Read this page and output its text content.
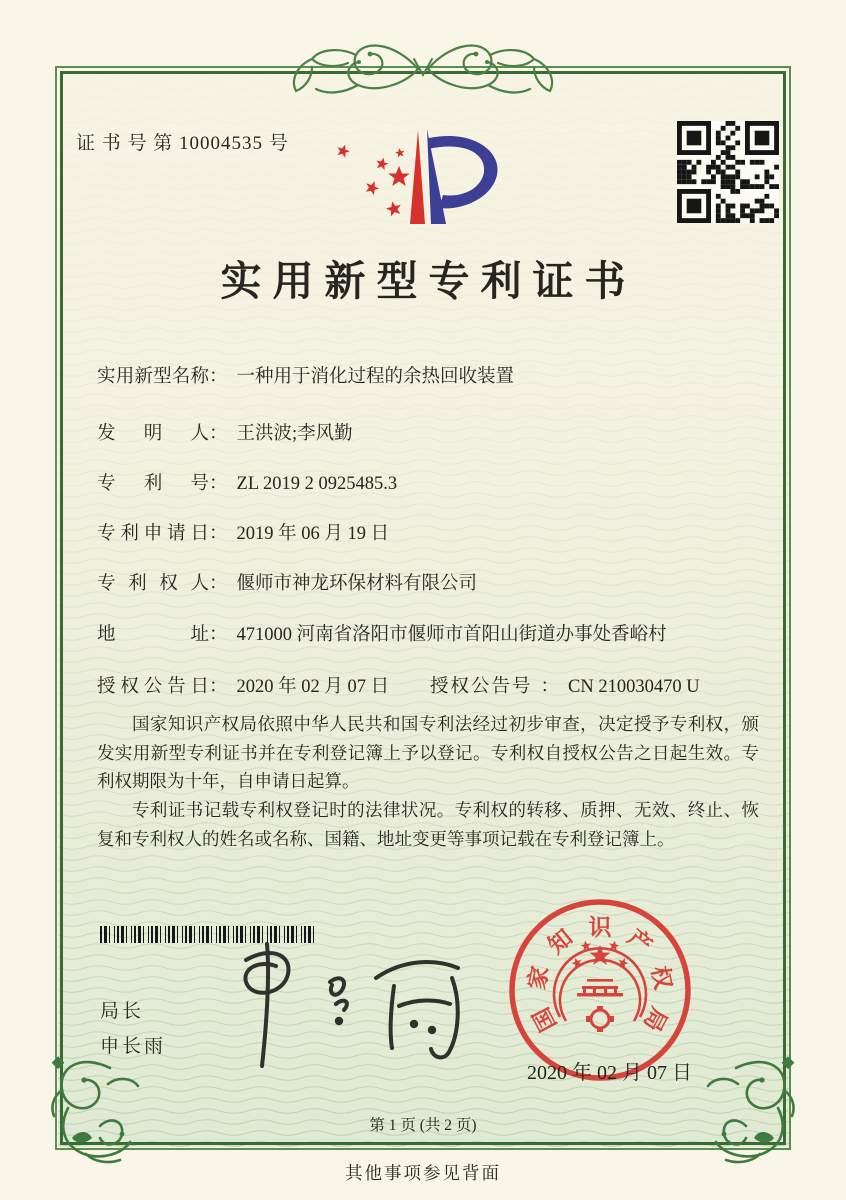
证 书 号 第 10004535 号
实用新型专利证书
实用新型名称： 一种用于消化过程的余热回收装置
发明人： 王洪波;李风勤
专利号： ZL 2019 2 0925485.3
专利申请日： 2019 年 06 月 19 日
专利权人： 偃师市神龙环保材料有限公司
地址： 471000 河南省洛阳市偃师市首阳山街道办事处香峪村
授权公告日： 2020 年 02 月 07 日 授权公告号 ： CN 210030470 U

国家知识产权局依照中华人民共和国专利法经过初步审查，决定授予专利权，颁发实用新型专利证书并在专利登记簿上予以登记。专利权自授权公告之日起生效。专利权期限为十年，自申请日起算。

专利证书记载专利权登记时的法律状况。专利权的转移、质押、无效、终止、恢复和专利权人的姓名或名称、国籍、地址变更等事项记载在专利登记簿上。

局长
申长雨
国
家
知 识 产
权
局
2020 年 02 月 07 日
第 1 页 (共 2 页)
其他事项参见背面
